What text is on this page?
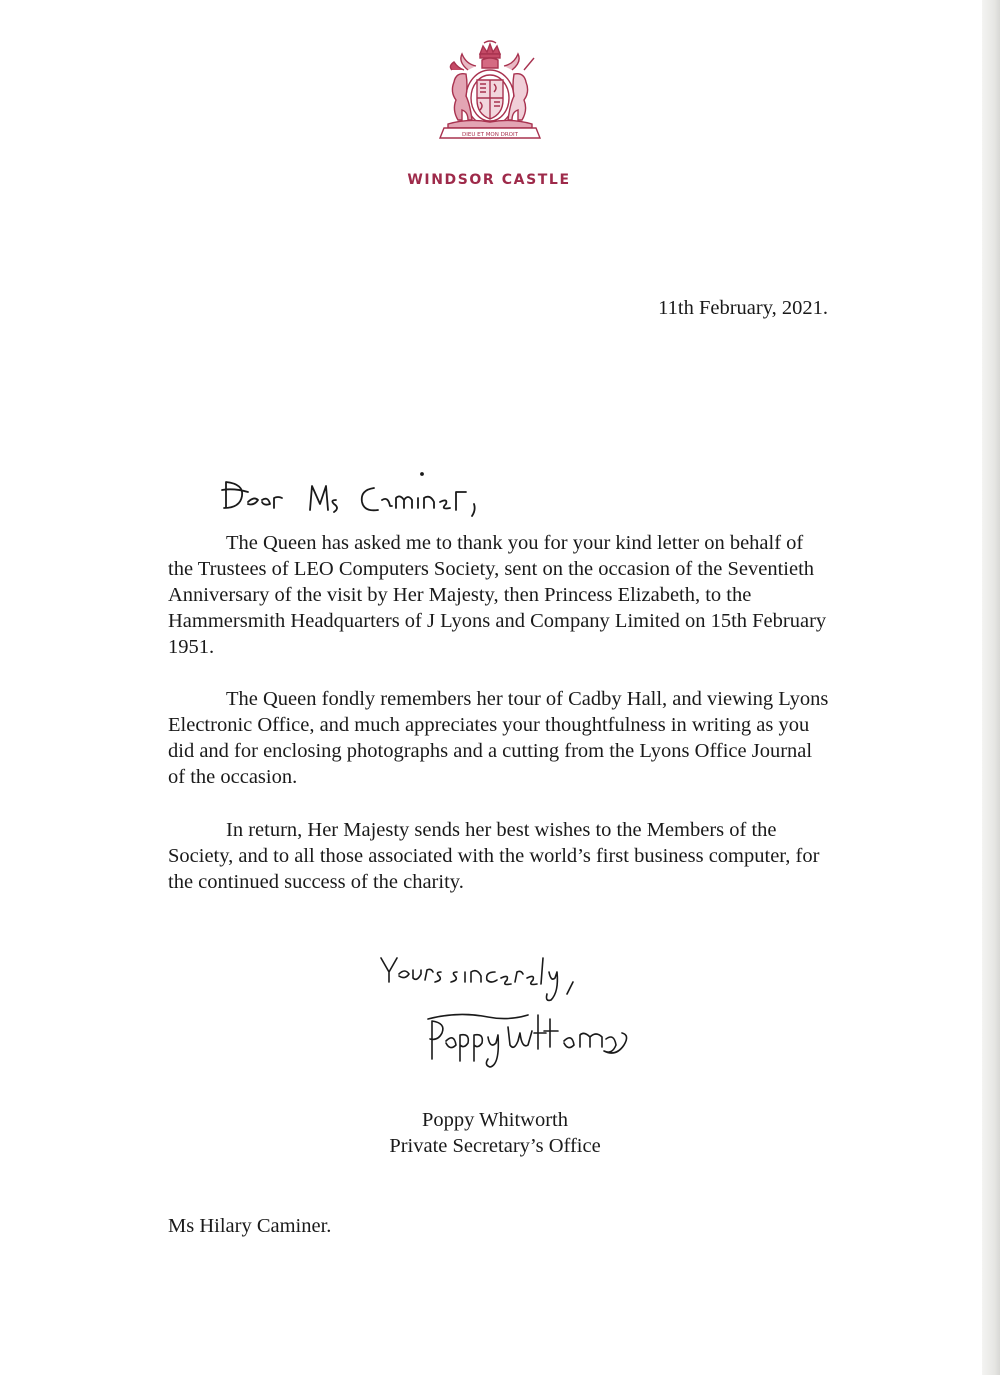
DIEU ET MON DROIT
WINDSOR CASTLE
11th February, 2021.

The Queen has asked me to thank you for your kind letter on behalf of the Trustees of LEO Computers Society, sent on the occasion of the Seventieth Anniversary of the visit by Her Majesty, then Princess Elizabeth, to the Hammersmith Headquarters of J Lyons and Company Limited on 15th February 1951.

The Queen fondly remembers her tour of Cadby Hall, and viewing Lyons Electronic Office, and much appreciates your thoughtfulness in writing as you did and for enclosing photographs and a cutting from the Lyons Office Journal of the occasion.

In return, Her Majesty sends her best wishes to the Members of the Society, and to all those associated with the world’s first business computer, for the continued success of the charity.

Poppy Whitworth
Private Secretary’s Office
Ms Hilary Caminer.
